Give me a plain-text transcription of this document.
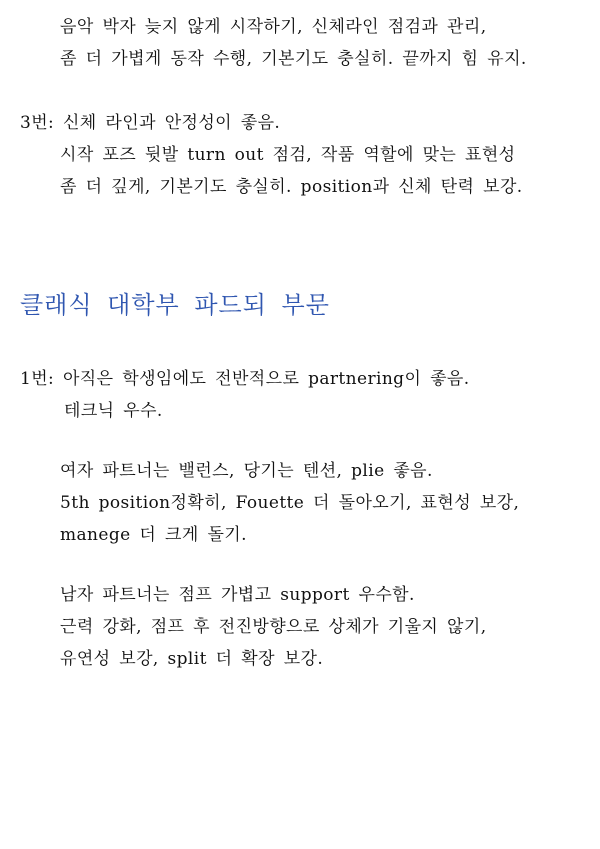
음악 박자 늦지 않게 시작하기, 신체라인 점검과 관리,
좀 더 가볍게 동작 수행, 기본기도 충실히. 끝까지 힘 유지.
3번: 신체 라인과 안정성이 좋음.
시작 포즈 뒷발 turn out 점검, 작품 역할에 맞는 표현성
좀 더 깊게, 기본기도 충실히. position과 신체 탄력 보강.
클래식 대학부 파드되 부문
1번: 아직은 학생임에도 전반적으로 partnering이 좋음.
테크닉 우수.
여자 파트너는 밸런스, 당기는 텐션, plie 좋음.
5th position정확히, Fouette 더 돌아오기, 표현성 보강,
manege 더 크게 돌기.
남자 파트너는 점프 가볍고 support 우수함.
근력 강화, 점프 후 전진방향으로 상체가 기울지 않기,
유연성 보강, split 더 확장 보강.
